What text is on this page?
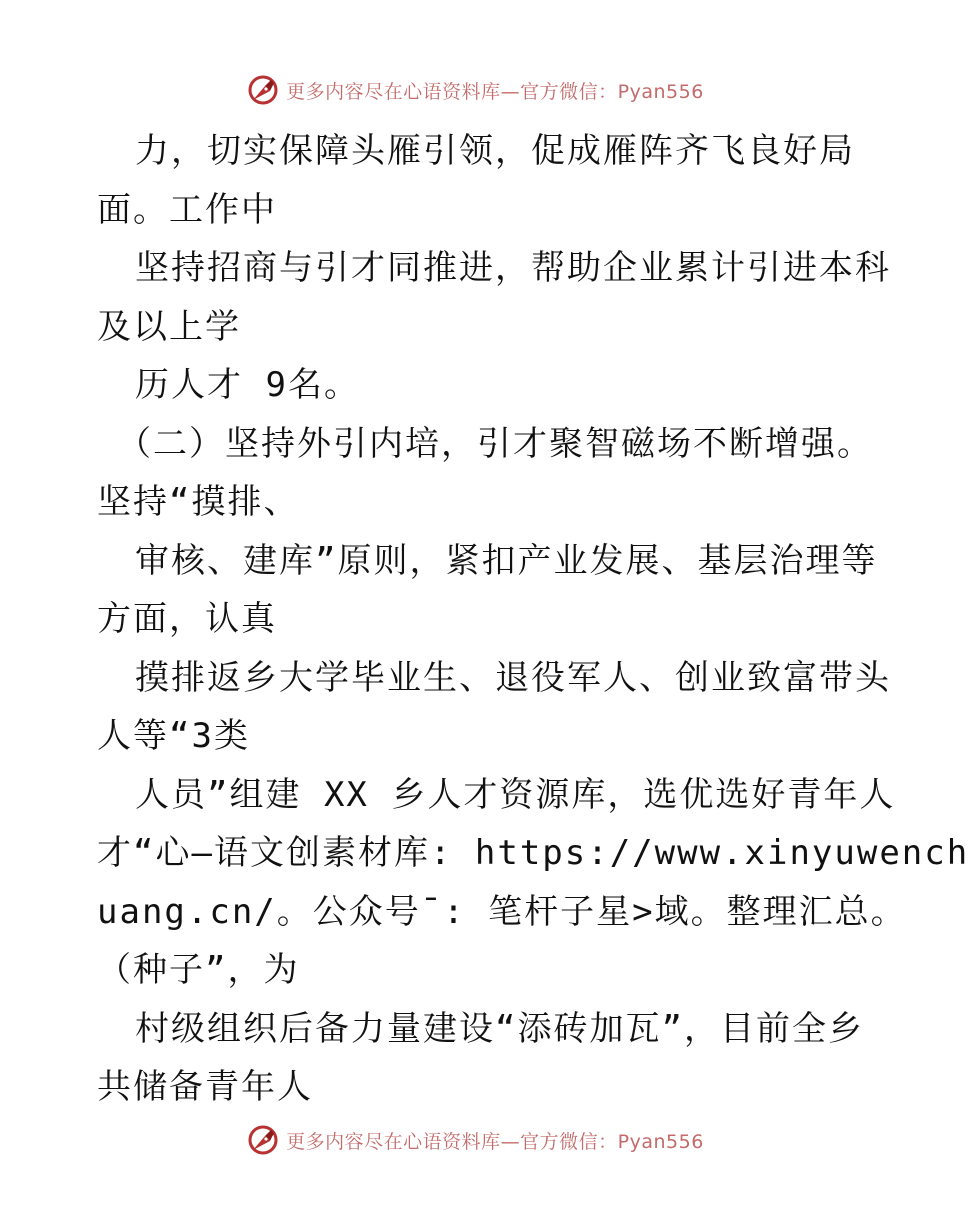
更多内容尽在心语资料库—官方微信：Pyan556
力，切实保障头雁引领，促成雁阵齐飞良好局
面。工作中
坚持招商与引才同推进，帮助企业累计引进本科
及以上学
历人才 9名。
（二）坚持外引内培，引才聚智磁场不断增强。
坚持“摸排、
审核、建库”原则，紧扣产业发展、基层治理等
方面，认真
摸排返乡大学毕业生、退役军人、创业致富带头
人等“3类
人员”组建 XX 乡人才资源库，选优选好青年人
才“心—语文创素材库: https://www.xinyuwench
uang.cn/。公众号¯: 笔杆子星>域。整理汇总。
（种子”，为
村级组织后备力量建设“添砖加瓦”，目前全乡
共储备青年人
更多内容尽在心语资料库—官方微信：Pyan556
